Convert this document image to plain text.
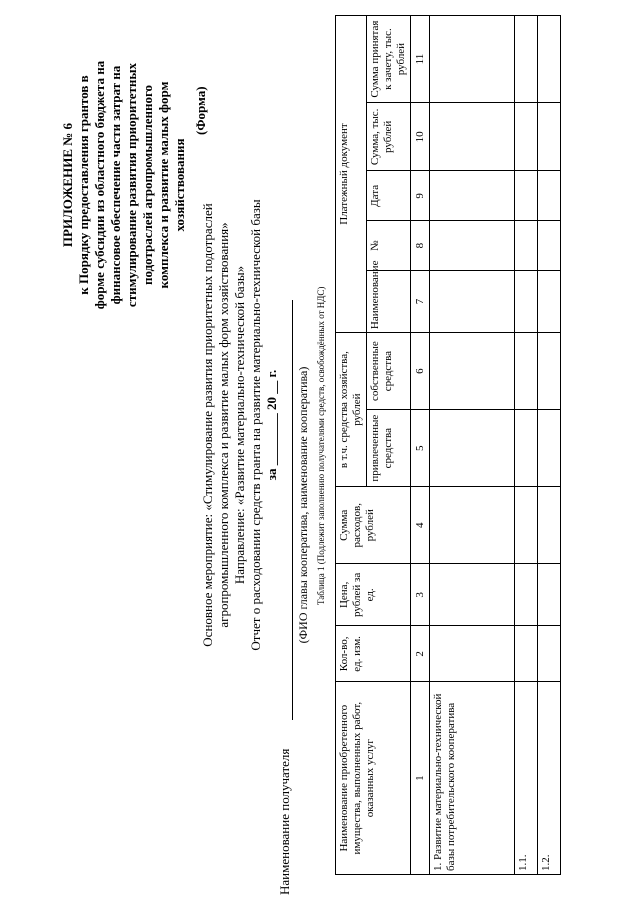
ПРИЛОЖЕНИЕ № 6 к Порядку предоставления грантов в форме субсидии из областного бюджета на финансовое обеспечение части затрат на стимулирование развития приоритетных подотраслей агропромышленного комплекса и развитие малых форм хозяйствования
(Форма)
Основное мероприятие: «Стимулирование развития приоритетных подотраслей агропромышленного комплекса и развитие малых форм хозяйствования» Направление: «Развитие материально-технической базы» Отчет о расходовании средств гранта на развитие материально-технической базы за ________ 20 __ г.
Наименование получателя
(ФИО главы кооператива, наименование кооператива) Таблица 1 (Подлежит заполнению получателями средств, освобождённых от НДС)
Наименование приобретенного имущества, выполненных работ, оказанных услуг	Кол-во, ед. изм.	Цена, рублей за ед.	Сумма расходов, рублей	в т.ч. средства хозяйства, рублей		Платежный документ				
				привлеченные средства	собственные средства	Наименование	№	Дата	Сумма, тыс. рублей	Сумма принятая к зачету, тыс. рублей
1	2	3	4	5	6	7	8	9	10	11
1. Развитие материально-технической базы потребительского кооператива										
1.1.										
1.2.										
